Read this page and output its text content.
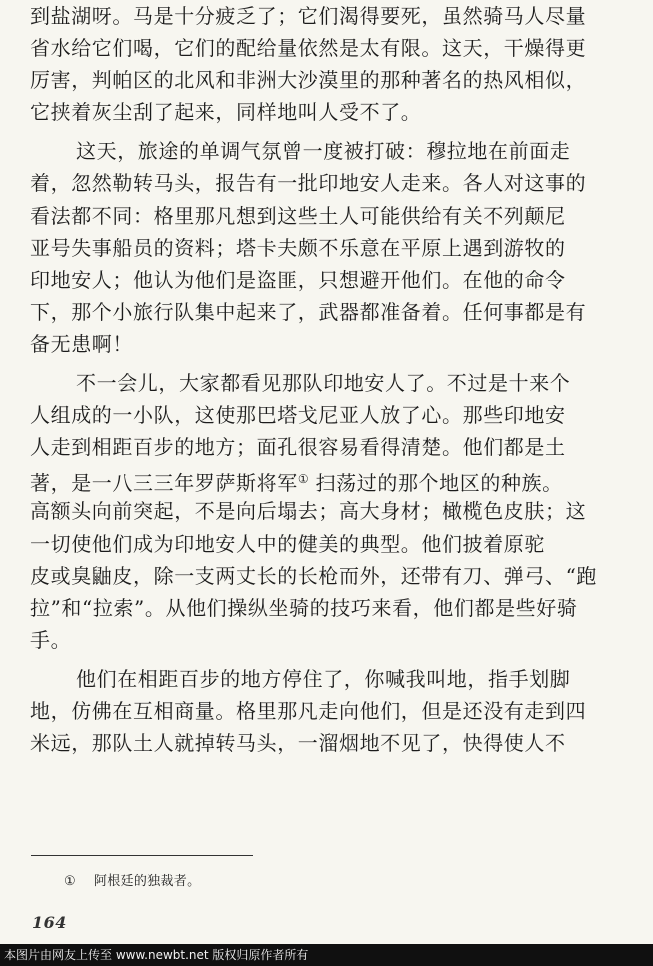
到盐湖呀。马是十分疲乏了；它们渴得要死，虽然骑马人尽量
省水给它们喝，它们的配给量依然是太有限。这天，干燥得更
厉害，判帕区的北风和非洲大沙漠里的那种著名的热风相似，
它挟着灰尘刮了起来，同样地叫人受不了。
这天，旅途的单调气氛曾一度被打破：穆拉地在前面走
着，忽然勒转马头，报告有一批印地安人走来。各人对这事的
看法都不同：格里那凡想到这些土人可能供给有关不列颠尼
亚号失事船员的资料；塔卡夫颇不乐意在平原上遇到游牧的
印地安人；他认为他们是盗匪，只想避开他们。在他的命令
下，那个小旅行队集中起来了，武器都准备着。任何事都是有
备无患啊！
不一会儿，大家都看见那队印地安人了。不过是十来个
人组成的一小队，这使那巴塔戈尼亚人放了心。那些印地安
人走到相距百步的地方；面孔很容易看得清楚。他们都是土
著，是一八三三年罗萨斯将军① 扫荡过的那个地区的种族。
高额头向前突起，不是向后塌去；高大身材；橄榄色皮肤；这
一切使他们成为印地安人中的健美的典型。他们披着原驼
皮或臭鼬皮，除一支两丈长的长枪而外，还带有刀、弹弓、“跑
拉”和“拉索”。从他们操纵坐骑的技巧来看，他们都是些好骑
手。
他们在相距百步的地方停住了，你喊我叫地，指手划脚
地，仿佛在互相商量。格里那凡走向他们，但是还没有走到四
米远，那队土人就掉转马头，一溜烟地不见了，快得使人不
① 阿根廷的独裁者。
164
本图片由网友上传至 www.newbt.net 版权归原作者所有
